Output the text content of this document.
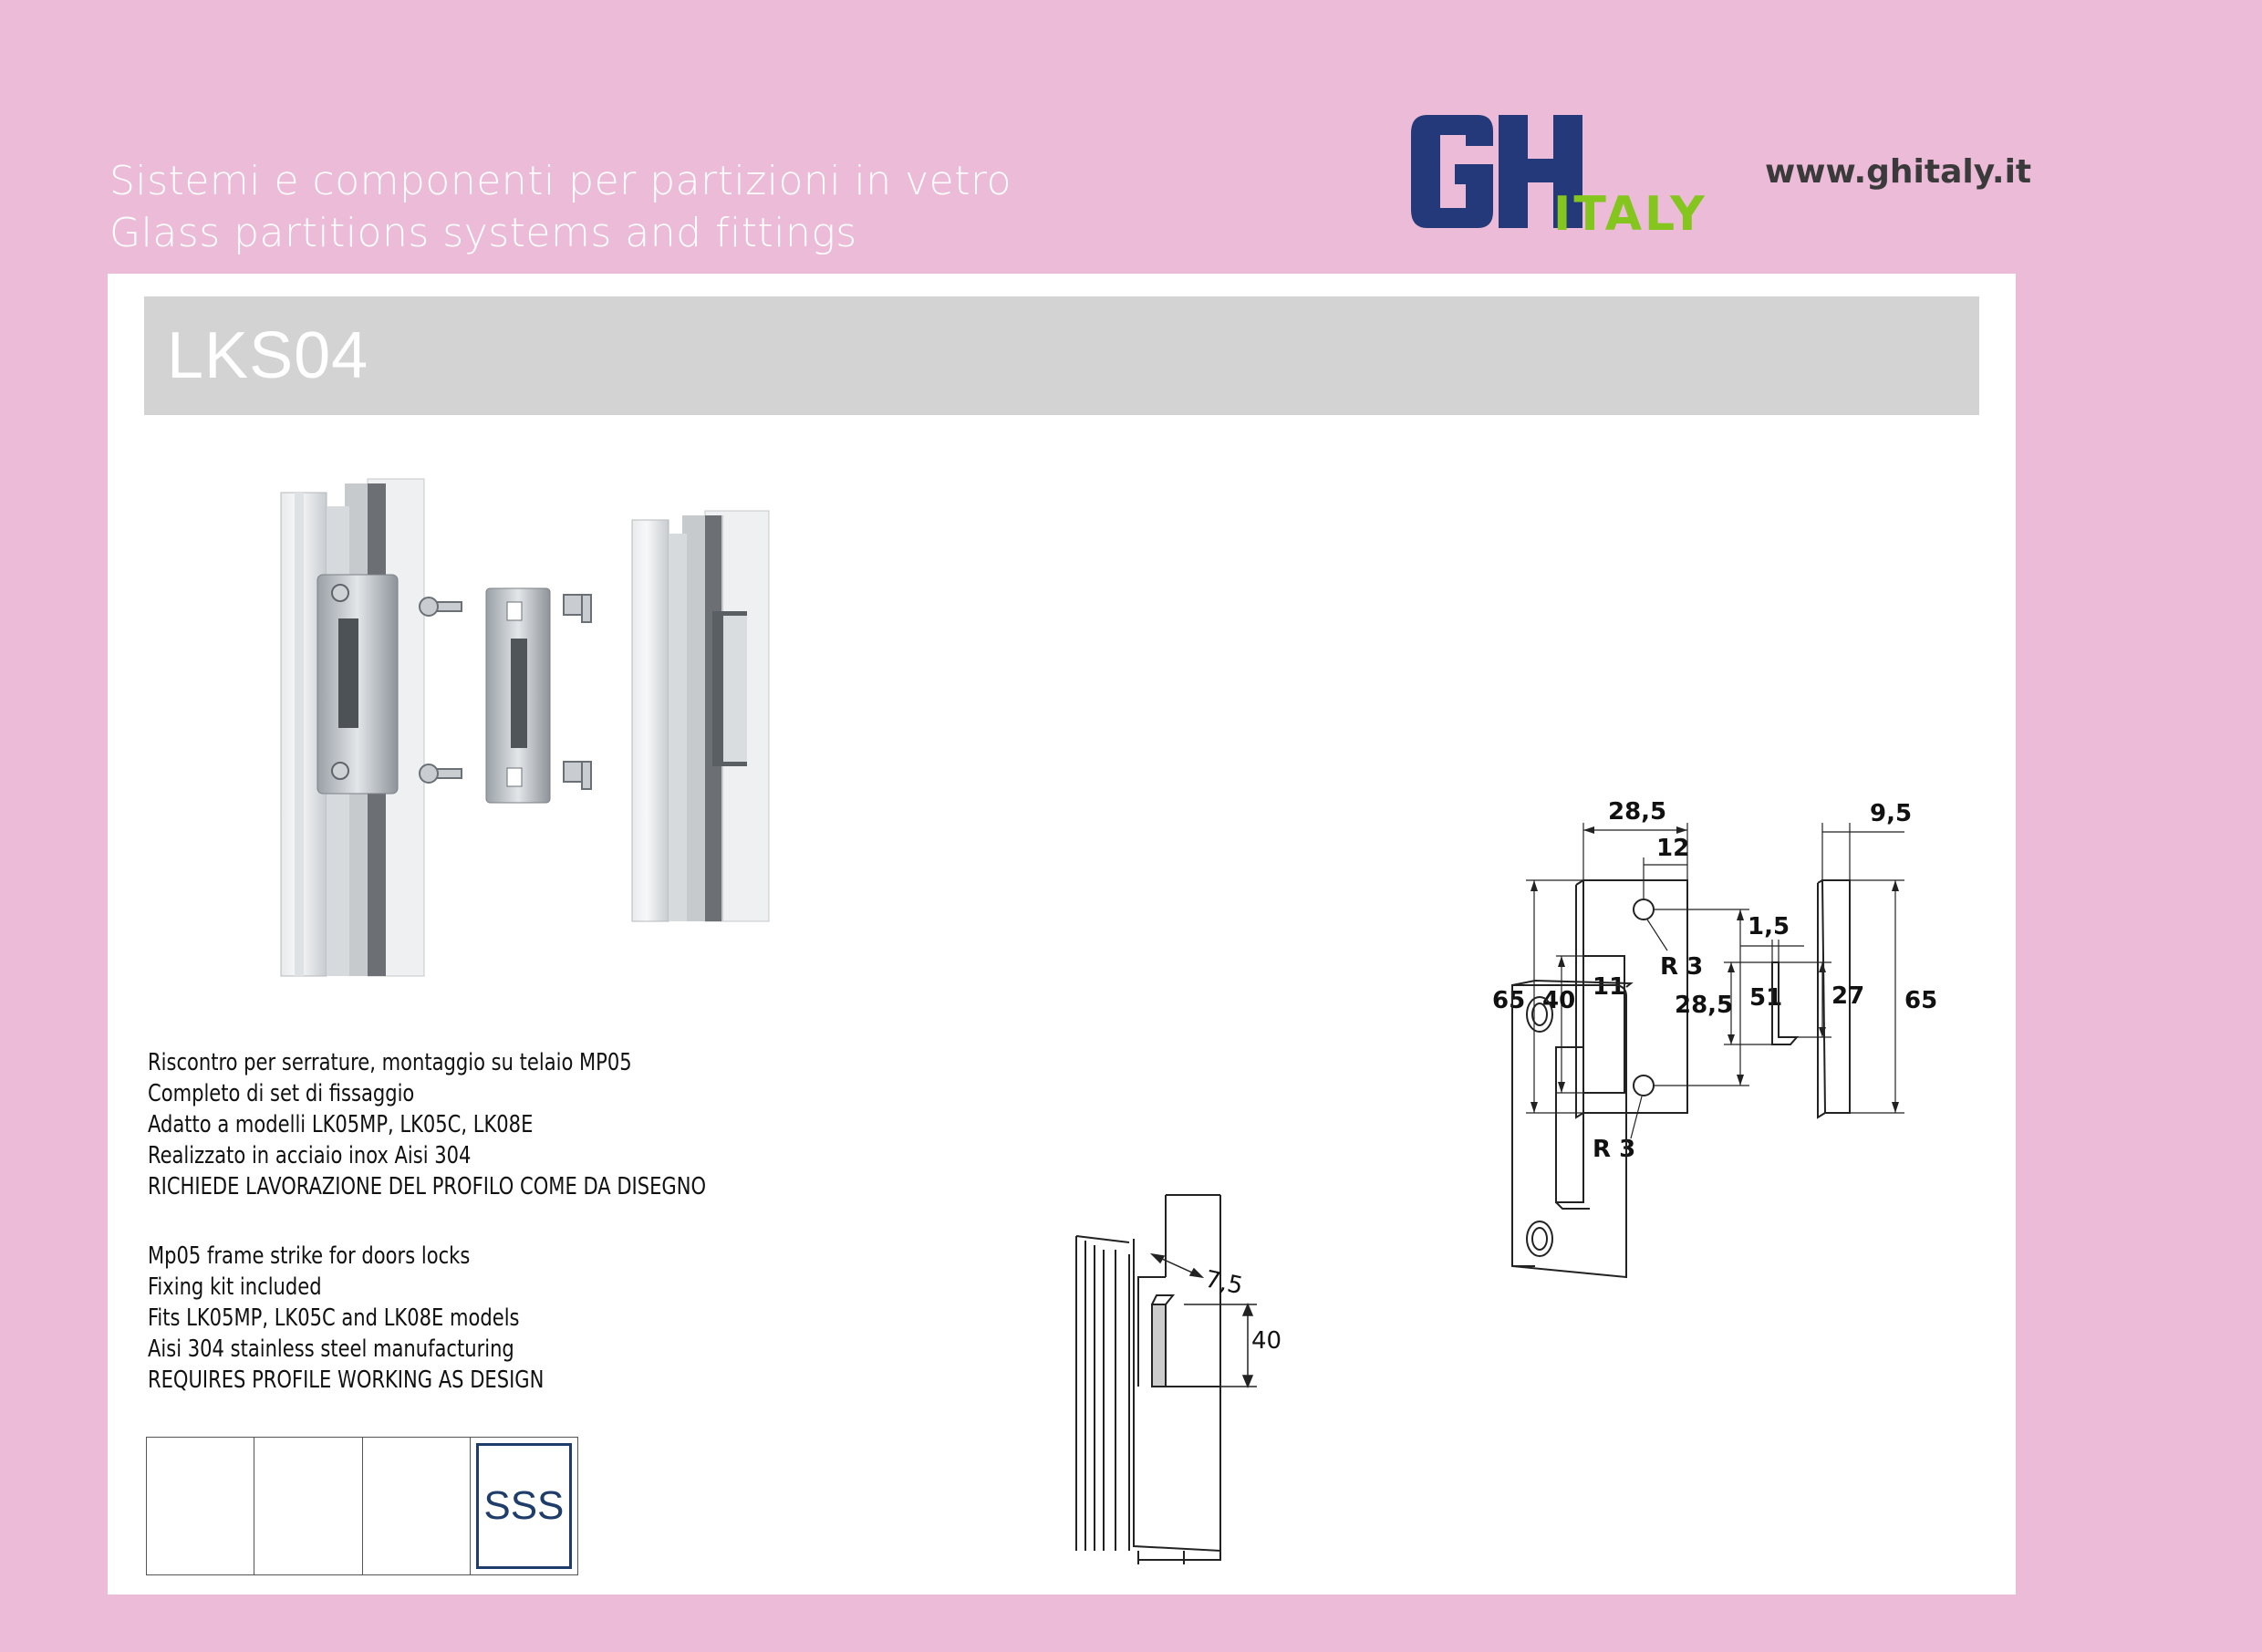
Sistemi e componenti per partizioni in vetro
Glass partitions systems and fittings	ITALY
www.ghitaly.it
LKS04
Riscontro per serrature, montaggio su telaio MP05
Completo di set di fissaggio
Adatto a modelli LK05MP, LK05C, LK08E
Realizzato in acciaio inox Aisi 304
RICHIEDE LAVORAZIONE DEL PROFILO COME DA DISEGNO
Mp05 frame strike for doors locks
Fixing kit included
Fits LK05MP, LK05C and LK08E models
Aisi 304 stainless steel manufacturing
REQUIRES PROFILE WORKING AS DESIGN
SSS
7,5
40
28,5
12
9,5
65 40 11
R 3
51	65
R 3
1,5
28,5	27
